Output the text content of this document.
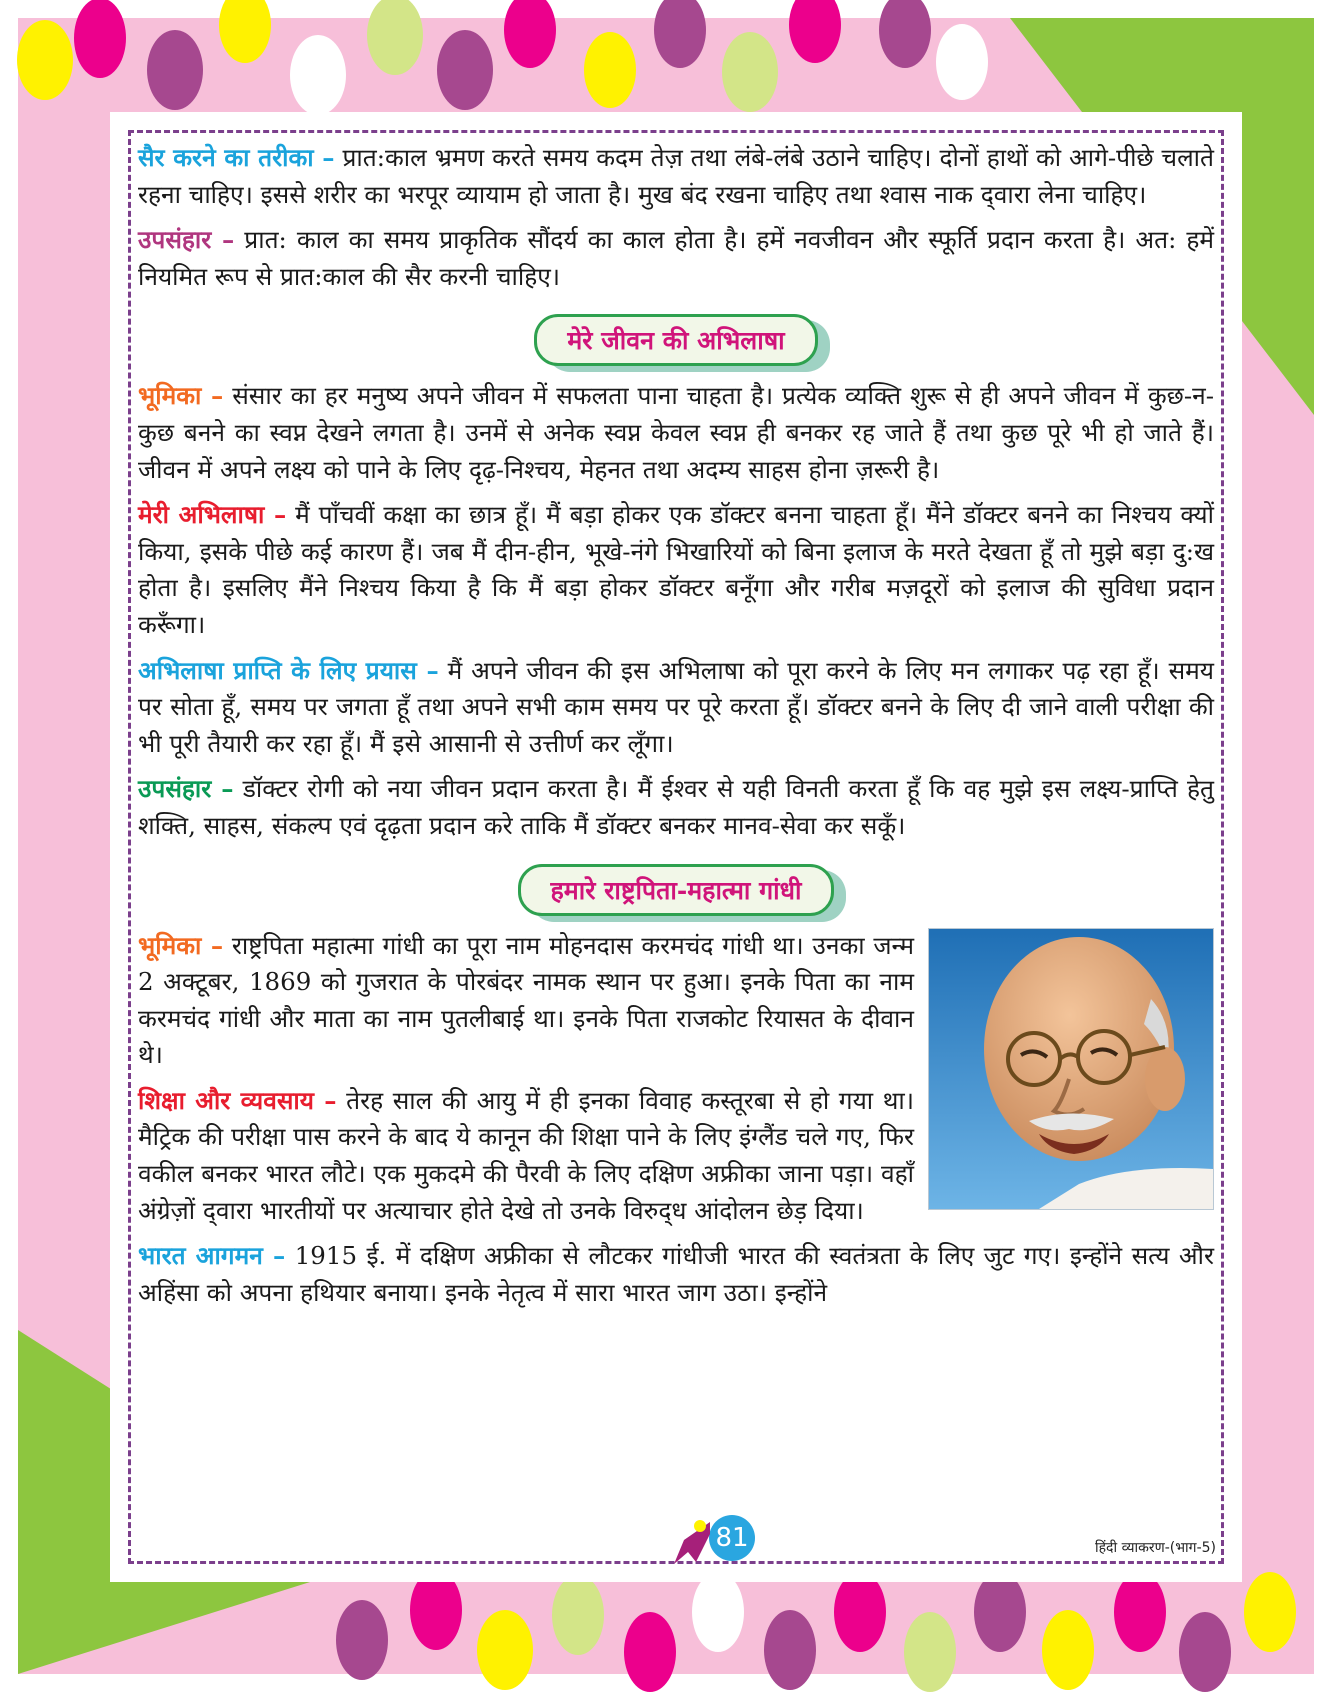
सैर करने का तरीका – प्रात:काल भ्रमण करते समय कदम तेज़ तथा लंबे-लंबे उठाने चाहिए। दोनों हाथों को आगे-पीछे चलाते रहना चाहिए। इससे शरीर का भरपूर व्यायाम हो जाता है। मुख बंद रखना चाहिए तथा श्वास नाक द्‌वारा लेना चाहिए।

उपसंहार – प्रात: काल का समय प्राकृतिक सौंदर्य का काल होता है। हमें नवजीवन और स्फूर्ति प्रदान करता है। अत: हमें नियमित रूप से प्रात:काल की सैर करनी चाहिए।

मेरे जीवन की अभिलाषा

भूमिका – संसार का हर मनुष्य अपने जीवन में सफलता पाना चाहता है। प्रत्येक व्यक्ति शुरू से ही अपने जीवन में कुछ-न-कुछ बनने का स्वप्न देखने लगता है। उनमें से अनेक स्वप्न केवल स्वप्न ही बनकर रह जाते हैं तथा कुछ पूरे भी हो जाते हैं। जीवन में अपने लक्ष्य को पाने के लिए दृढ़-निश्चय, मेहनत तथा अदम्य साहस होना ज़रूरी है।

मेरी अभिलाषा – मैं पाँचवीं कक्षा का छात्र हूँ। मैं बड़ा होकर एक डॉक्टर बनना चाहता हूँ। मैंने डॉक्टर बनने का निश्चय क्यों किया, इसके पीछे कई कारण हैं। जब मैं दीन-हीन, भूखे-नंगे भिखारियों को बिना इलाज के मरते देखता हूँ तो मुझे बड़ा दु:ख होता है। इसलिए मैंने निश्चय किया है कि मैं बड़ा होकर डॉक्टर बनूँगा और गरीब मज़दूरों को इलाज की सुविधा प्रदान करूँगा।

अभिलाषा प्राप्ति के लिए प्रयास – मैं अपने जीवन की इस अभिलाषा को पूरा करने के लिए मन लगाकर पढ़ रहा हूँ। समय पर सोता हूँ, समय पर जगता हूँ तथा अपने सभी काम समय पर पूरे करता हूँ। डॉक्टर बनने के लिए दी जाने वाली परीक्षा की भी पूरी तैयारी कर रहा हूँ। मैं इसे आसानी से उत्तीर्ण कर लूँगा।

उपसंहार – डॉक्टर रोगी को नया जीवन प्रदान करता है। मैं ईश्वर से यही विनती करता हूँ कि वह मुझे इस लक्ष्य-प्राप्ति हेतु शक्ति, साहस, संकल्प एवं दृढ़ता प्रदान करे ताकि मैं डॉक्टर बनकर मानव-सेवा कर सकूँ।

हमारे राष्ट्रपिता-महात्मा गांधी

भूमिका – राष्ट्रपिता महात्मा गांधी का पूरा नाम मोहनदास करमचंद गांधी था। उनका जन्म 2 अक्टूबर, 1869 को गुजरात के पोरबंदर नामक स्थान पर हुआ। इनके पिता का नाम करमचंद गांधी और माता का नाम पुतलीबाई था। इनके पिता राजकोट रियासत के दीवान थे।

शिक्षा और व्यवसाय – तेरह साल की आयु में ही इनका विवाह कस्तूरबा से हो गया था। मैट्रिक की परीक्षा पास करने के बाद ये कानून की शिक्षा पाने के लिए इंग्लैंड चले गए, फिर वकील बनकर भारत लौटे। एक मुकदमे की पैरवी के लिए दक्षिण अफ्रीका जाना पड़ा। वहाँ अंग्रेज़ों द्‌वारा भारतीयों पर अत्याचार होते देखे तो उनके विरुद्‌ध आंदोलन छेड़ दिया।

भारत आगमन – 1915 ई. में दक्षिण अफ्रीका से लौटकर गांधीजी भारत की स्वतंत्रता के लिए जुट गए। इन्होंने सत्य और अहिंसा को अपना हथियार बनाया। इनके नेतृत्व में सारा भारत जाग उठा। इन्होंने

81	हिंदी व्याकरण-(भाग-5)
